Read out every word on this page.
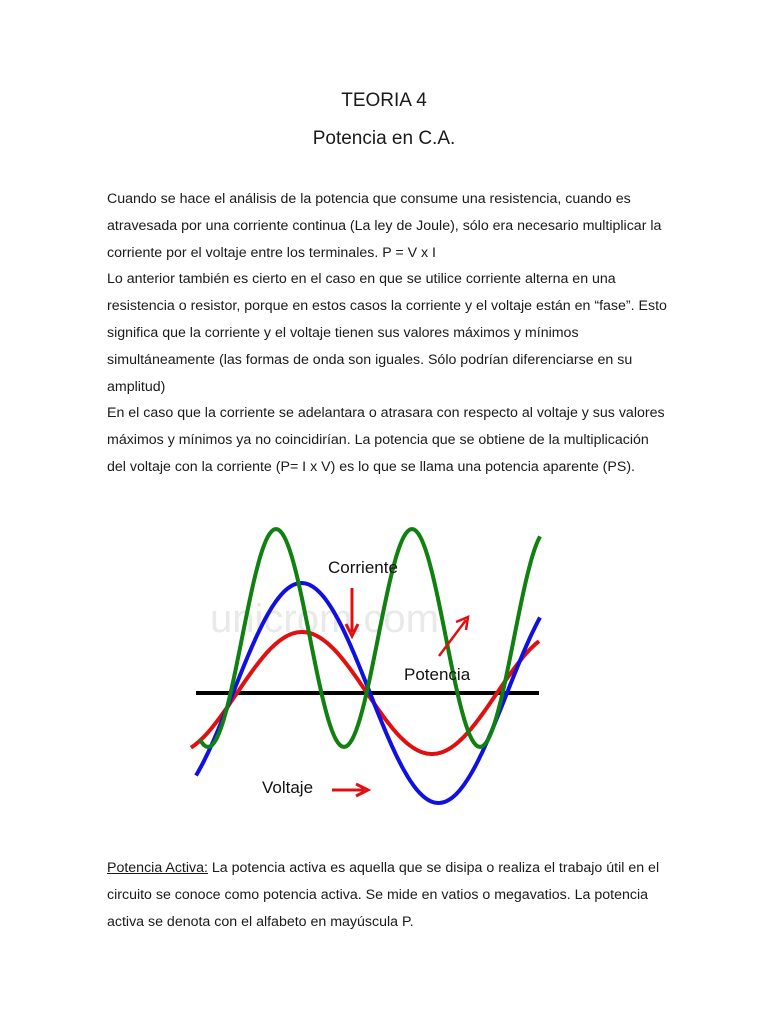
TEORIA 4
Potencia en C.A.

Cuando se hace el análisis de la potencia que consume una resistencia, cuando es atravesada por una corriente continua (La ley de Joule), sólo era necesario multiplicar la corriente por el voltaje entre los terminales. P = V x I

Lo anterior también es cierto en el caso en que se utilice corriente alterna en una resistencia o resistor, porque en estos casos la corriente y el voltaje están en “fase”. Esto significa que la corriente y el voltaje tienen sus valores máximos y mínimos simultáneamente (las formas de onda son iguales. Sólo podrían diferenciarse en su amplitud)

En el caso que la corriente se adelantara o atrasara con respecto al voltaje y sus valores máximos y mínimos ya no coincidirían. La potencia que se obtiene de la multiplicación del voltaje con la corriente (P= I x V) es lo que se llama una potencia aparente (PS).

unicrom.com
Corriente
Potencia
Voltaje

Potencia Activa: La potencia activa es aquella que se disipa o realiza el trabajo útil en el circuito se conoce como potencia activa. Se mide en vatios o megavatios. La potencia activa se denota con el alfabeto en mayúscula P.
